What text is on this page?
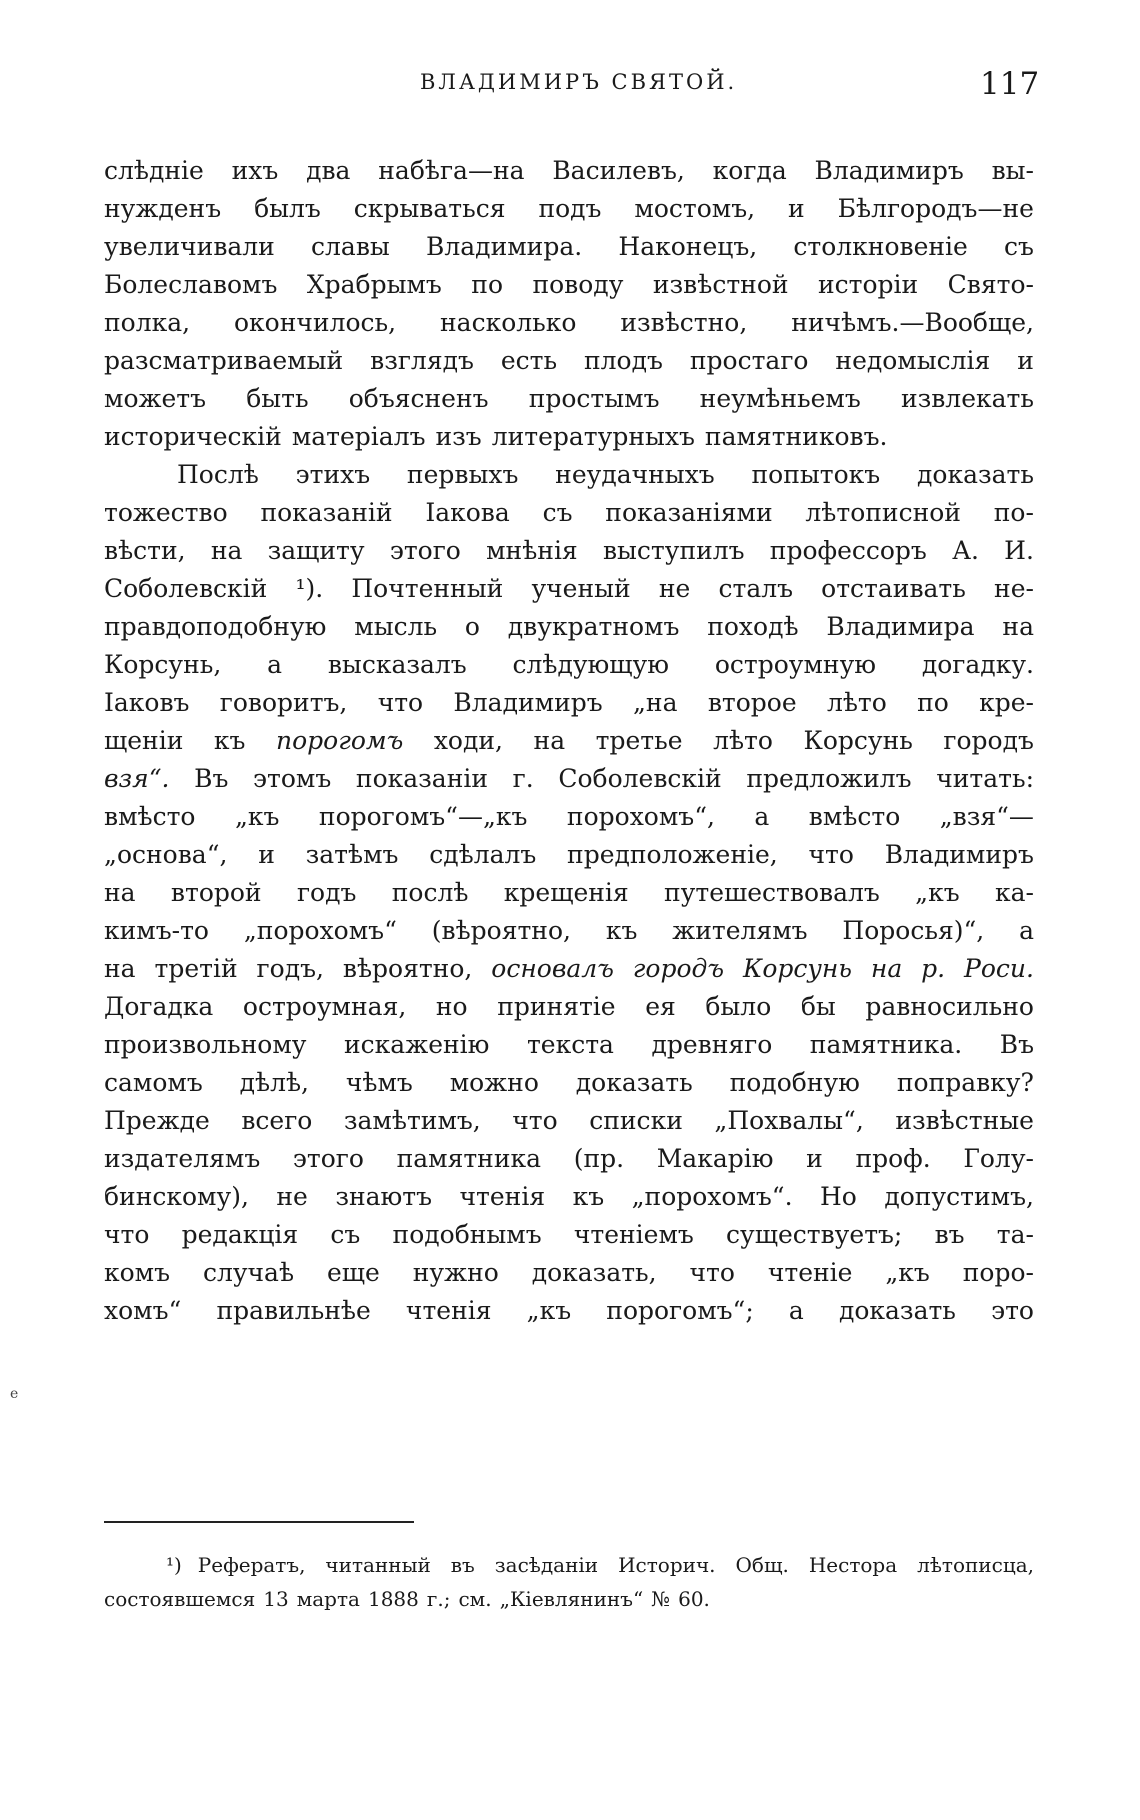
ВЛАДИМИРЪ СВЯТОЙ.	117
слѣдніе ихъ два набѣга—на Василевъ, когда Владимиръ вы-
нужденъ былъ скрываться подъ мостомъ, и Бѣлгородъ—не
увеличивали славы Владимира. Наконецъ, столкновеніе съ
Болеславомъ Храбрымъ по поводу извѣстной исторіи Свято-
полка, окончилось, насколько извѣстно, ничѣмъ.—Вообще,
разсматриваемый взглядъ есть плодъ простаго недомыслія и
можетъ быть объясненъ простымъ неумѣньемъ извлекать
историческій матеріалъ изъ литературныхъ памятниковъ.
Послѣ этихъ первыхъ неудачныхъ попытокъ доказать
тожество показаній Іакова съ показаніями лѣтописной по-
вѣсти, на защиту этого мнѣнія выступилъ профессоръ А. И.
Соболевскій ¹). Почтенный ученый не сталъ отстаивать не-
правдоподобную мысль о двукратномъ походѣ Владимира на
Корсунь, а высказалъ слѣдующую остроумную догадку.
Іаковъ говоритъ, что Владимиръ „на второе лѣто по кре-
щеніи къ порогомъ ходи, на третье лѣто Корсунь городъ
взя“. Въ этомъ показаніи г. Соболевскій предложилъ читать:
вмѣсто „къ порогомъ“—„къ порохомъ“, а вмѣсто „взя“—
„основа“, и затѣмъ сдѣлалъ предположеніе, что Владимиръ
на второй годъ послѣ крещенія путешествовалъ „къ ка-
кимъ-то „порохомъ“ (вѣроятно, къ жителямъ Поросья)“, а
на третій годъ, вѣроятно, основалъ городъ Корсунь на р. Роси.
Догадка остроумная, но принятіе ея было бы равносильно
произвольному искаженію текста древняго памятника. Въ
самомъ дѣлѣ, чѣмъ можно доказать подобную поправку?
Прежде всего замѣтимъ, что списки „Похвалы“, извѣстные
издателямъ этого памятника (пр. Макарію и проф. Голу-
бинскому), не знаютъ чтенія къ „порохомъ“. Но допустимъ,
что редакція съ подобнымъ чтеніемъ существуетъ; въ та-
комъ случаѣ еще нужно доказать, что чтеніе „къ поро-
хомъ“ правильнѣе чтенія „къ порогомъ“; а доказать это
¹) Рефератъ, читанный въ засѣданіи Историч. Общ. Нестора лѣтописца,
состоявшемся 13 марта 1888 г.; см. „Кіевлянинъ“ № 60.
e
